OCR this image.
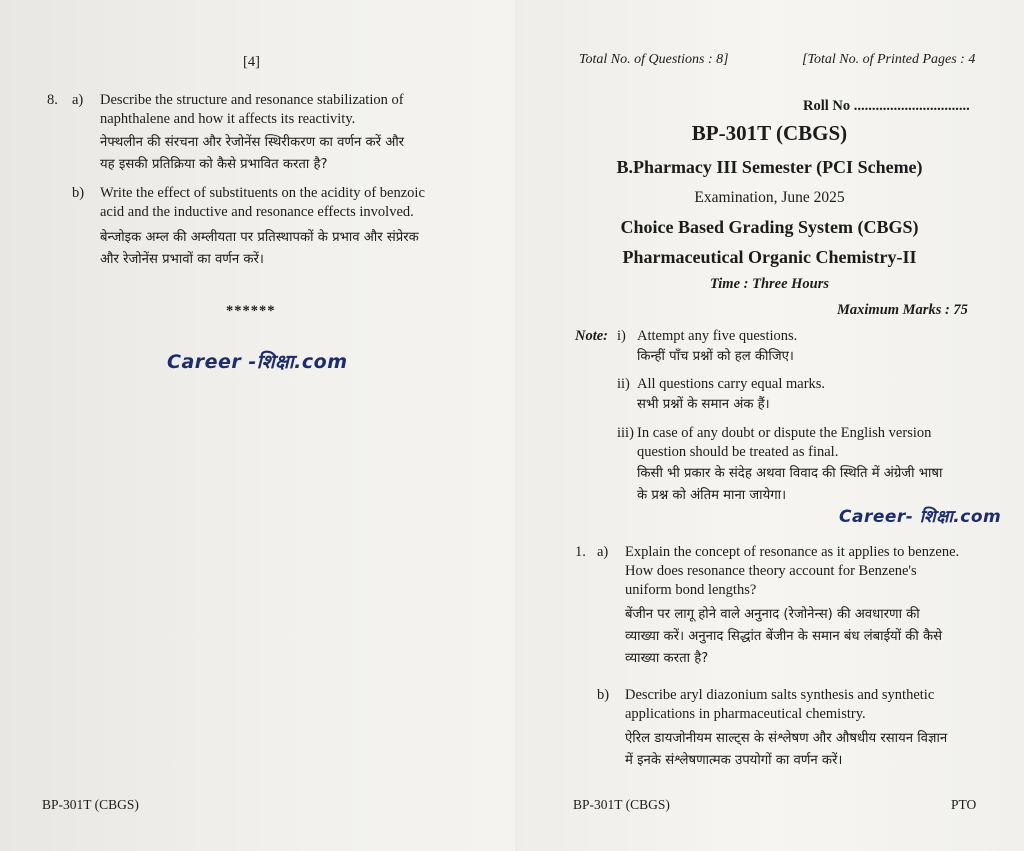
[4]
8. a) Describe the structure and resonance stabilization of
naphthalene and how it affects its reactivity.
नेफ्थलीन की संरचना और रेजोनेंस स्थिरीकरण का वर्णन करें और
यह इसकी प्रतिक्रिया को कैसे प्रभावित करता है?
b) Write the effect of substituents on the acidity of benzoic
acid and the inductive and resonance effects involved.
बेन्जोइक अम्ल की अम्लीयता पर प्रतिस्थापकों के प्रभाव और संप्रेरक
और रेजोनेंस प्रभावों का वर्णन करें।
******
Career -शिक्षा.com
BP-301T (CBGS)
Total No. of Questions : 8]	[Total No. of Printed Pages : 4
Roll No ................................
BP-301T (CBGS)
B.Pharmacy III Semester (PCI Scheme)
Examination, June 2025
Choice Based Grading System (CBGS)
Pharmaceutical Organic Chemistry-II
Time : Three Hours
Maximum Marks : 75
Note: i) Attempt any five questions.
किन्हीं पाँच प्रश्नों को हल कीजिए।
ii) All questions carry equal marks.
सभी प्रश्नों के समान अंक हैं।
iii) In case of any doubt or dispute the English version
question should be treated as final.
किसी भी प्रकार के संदेह अथवा विवाद की स्थिति में अंग्रेजी भाषा
के प्रश्न को अंतिम माना जायेगा।
Career- शिक्षा.com
1. a) Explain the concept of resonance as it applies to benzene.
How does resonance theory account for Benzene's
uniform bond lengths?
बेंजीन पर लागू होने वाले अनुनाद (रेजोनेन्स) की अवधारणा की
व्याख्या करें। अनुनाद सिद्धांत बेंजीन के समान बंध लंबाईयों की कैसे
व्याख्या करता है?
b) Describe aryl diazonium salts synthesis and synthetic
applications in pharmaceutical chemistry.
ऐरिल डायजोनीयम साल्ट्स के संश्लेषण और औषधीय रसायन विज्ञान
में इनके संश्लेषणात्मक उपयोगों का वर्णन करें।
BP-301T (CBGS)	PTO
